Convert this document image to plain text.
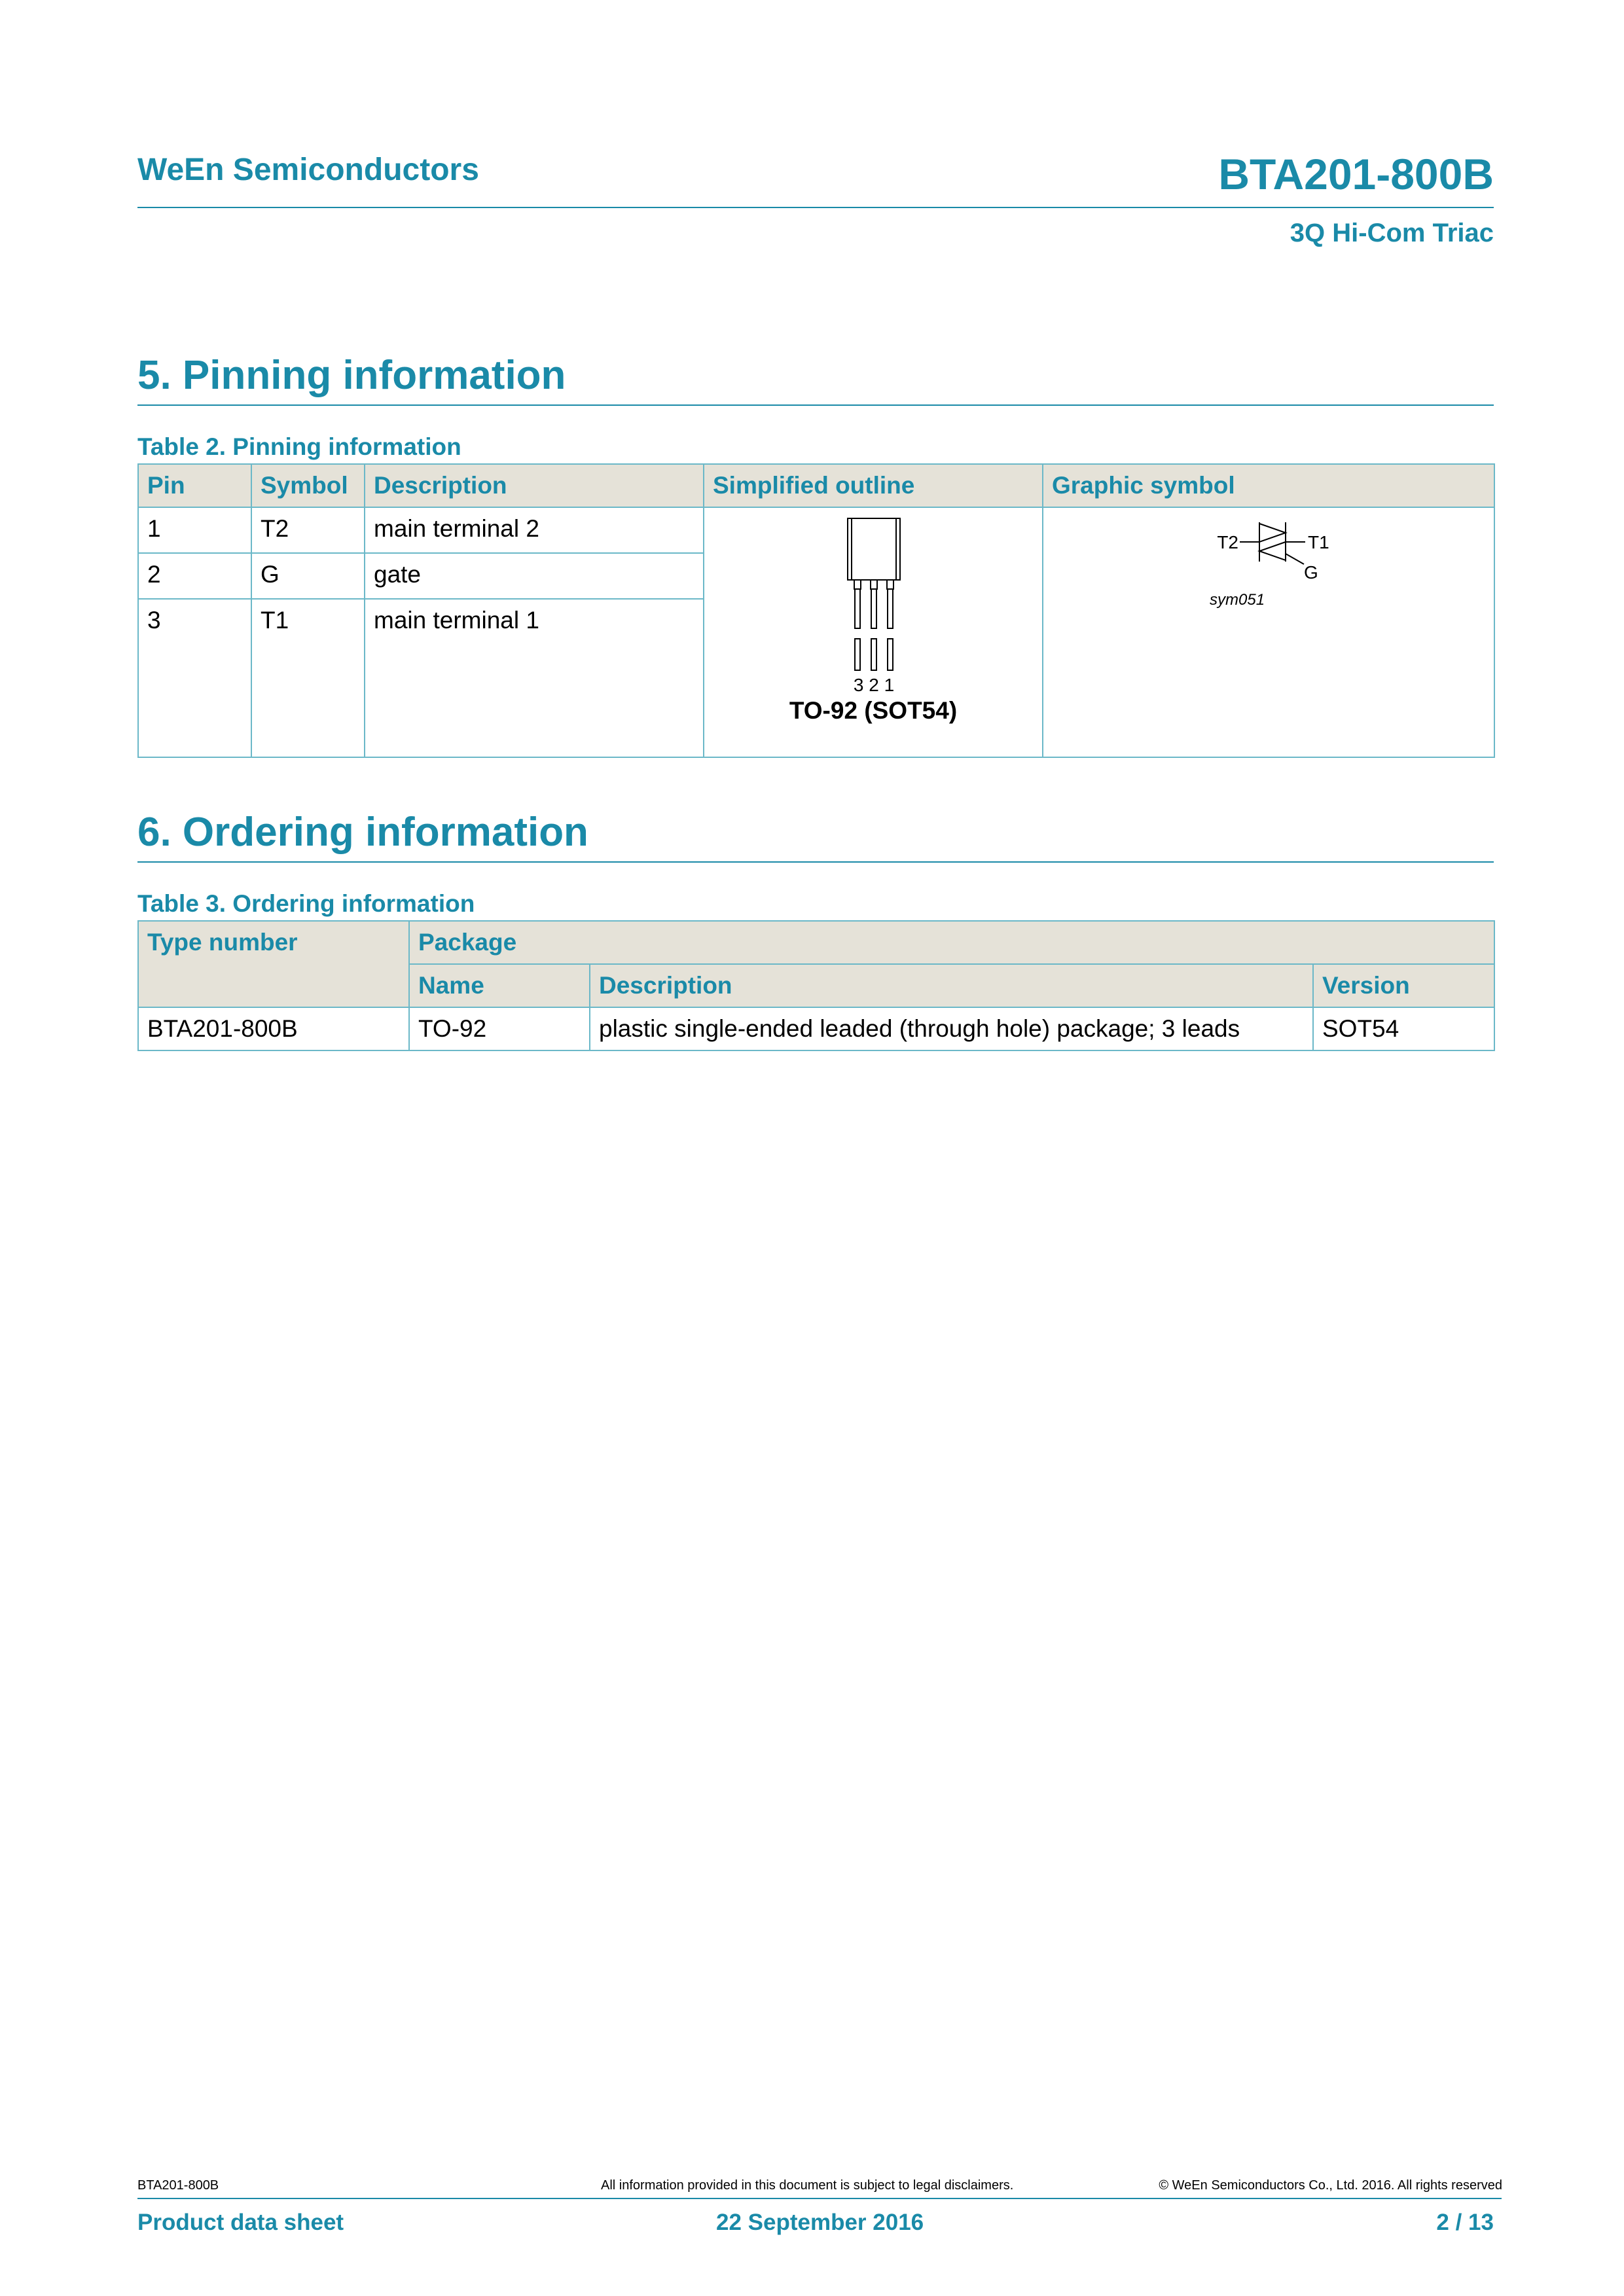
WeEn Semiconductors	BTA201-800B
3Q Hi-Com Triac
5. Pinning information
Table 2. Pinning information
Pin	Symbol	Description	Simplified outline	Graphic symbol
1	T2	main terminal 2	3 2 1
TO-92 (SOT54)	T2 T1
G
sym051

2	G	gate		
3	T1	main terminal 1		
6. Ordering information
Table 3. Ordering information
Type number	Package		
	Name	Description	Version
BTA201-800B	TO-92	plastic single-ended leaded (through hole) package; 3 leads	SOT54
BTA201-800B	All information provided in this document is subject to legal disclaimers.	© WeEn Semiconductors Co., Ltd. 2016. All rights reserved
Product data sheet	22 September 2016	2 / 13
